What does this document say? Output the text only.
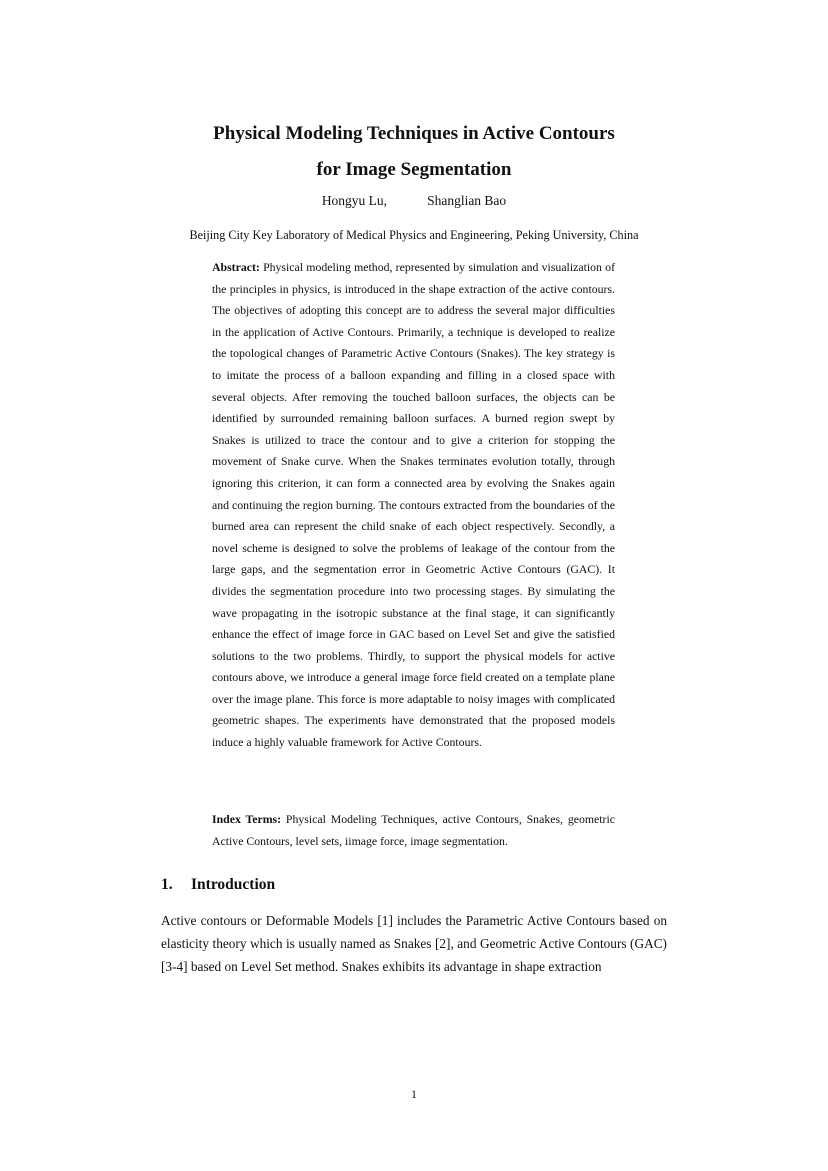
Physical Modeling Techniques in Active Contours
for Image Segmentation
Hongyu Lu,	Shanglian Bao
Beijing City Key Laboratory of Medical Physics and Engineering, Peking University, China
Abstract: Physical modeling method, represented by simulation and visualization of the principles in physics, is introduced in the shape extraction of the active contours. The objectives of adopting this concept are to address the several major difficulties in the application of Active Contours. Primarily, a technique is developed to realize the topological changes of Parametric Active Contours (Snakes). The key strategy is to imitate the process of a balloon expanding and filling in a closed space with several objects. After removing the touched balloon surfaces, the objects can be identified by surrounded remaining balloon surfaces. A burned region swept by Snakes is utilized to trace the contour and to give a criterion for stopping the movement of Snake curve. When the Snakes terminates evolution totally, through ignoring this criterion, it can form a connected area by evolving the Snakes again and continuing the region burning. The contours extracted from the boundaries of the burned area can represent the child snake of each object respectively. Secondly, a novel scheme is designed to solve the problems of leakage of the contour from the large gaps, and the segmentation error in Geometric Active Contours (GAC). It divides the segmentation procedure into two processing stages. By simulating the wave propagating in the isotropic substance at the final stage, it can significantly enhance the effect of image force in GAC based on Level Set and give the satisfied solutions to the two problems. Thirdly, to support the physical models for active contours above, we introduce a general image force field created on a template plane over the image plane. This force is more adaptable to noisy images with complicated geometric shapes. The experiments have demonstrated that the proposed models induce a highly valuable framework for Active Contours.
Index Terms: Physical Modeling Techniques, active Contours, Snakes, geometric Active Contours, level sets, iimage force, image segmentation.
1. Introduction
Active contours or Deformable Models [1] includes the Parametric Active Contours based on elasticity theory which is usually named as Snakes [2], and Geometric Active Contours (GAC) [3-4] based on Level Set method. Snakes exhibits its advantage in shape extraction
1
